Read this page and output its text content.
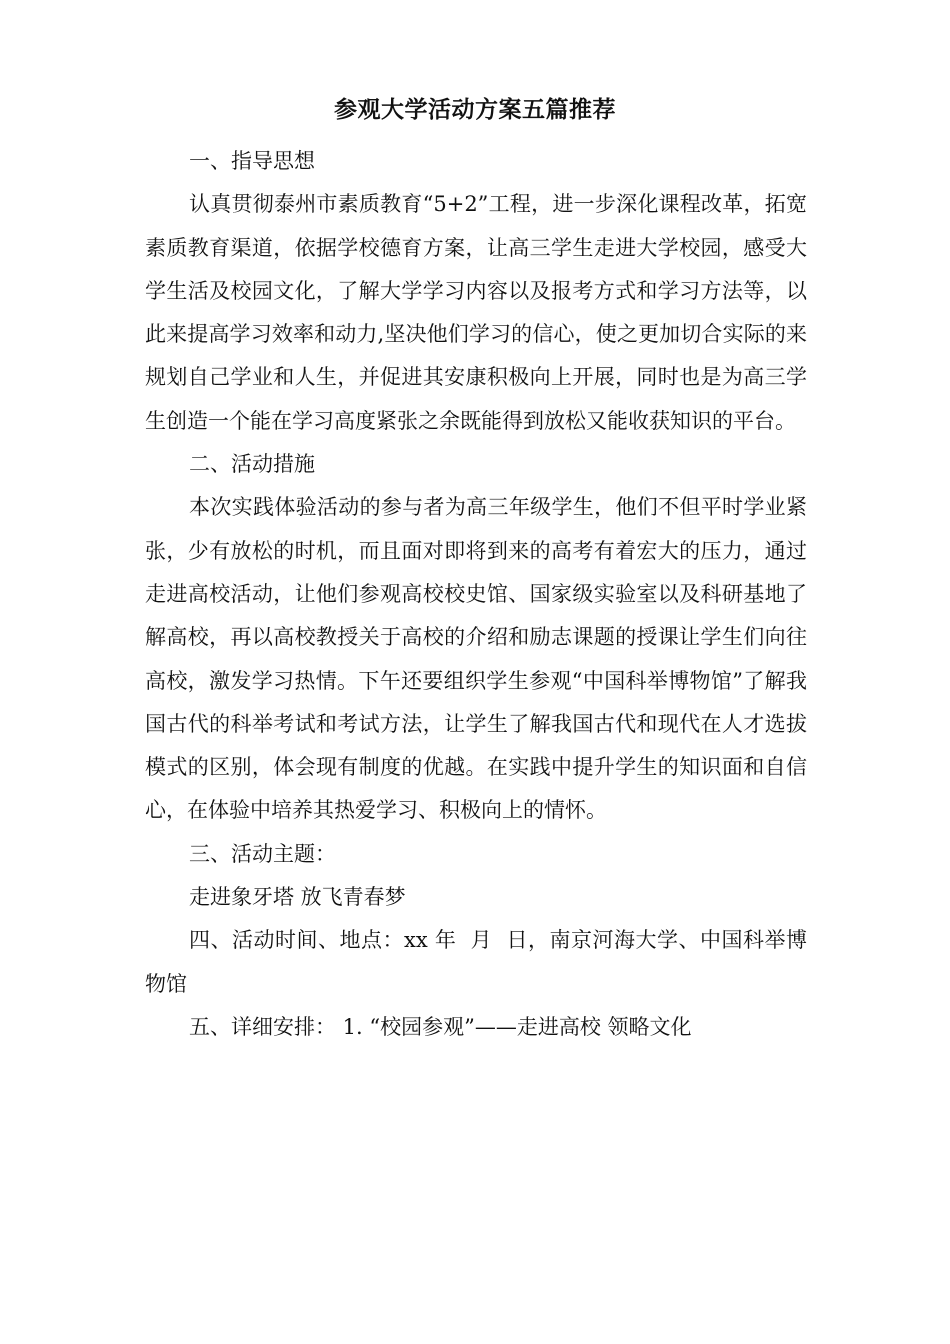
参观大学活动方案五篇推荐

一、指导思想

认真贯彻泰州市素质教育“5+2”工程，进一步深化课程改革，拓宽素质教育渠道，依据学校德育方案，让高三学生走进大学校园，感受大学生活及校园文化，了解大学学习内容以及报考方式和学习方法等，以此来提高学习效率和动力,坚决他们学习的信心，使之更加切合实际的来规划自己学业和人生，并促进其安康积极向上开展，同时也是为高三学生创造一个能在学习高度紧张之余既能得到放松又能收获知识的平台。

二、活动措施

本次实践体验活动的参与者为高三年级学生，他们不但平时学业紧张，少有放松的时机，而且面对即将到来的高考有着宏大的压力，通过走进高校活动，让他们参观高校校史馆、国家级实验室以及科研基地了解高校，再以高校教授关于高校的介绍和励志课题的授课让学生们向往高校，激发学习热情。下午还要组织学生参观“中国科举博物馆”了解我国古代的科举考试和考试方法，让学生了解我国古代和现代在人才选拔模式的区别，体会现有制度的优越。在实践中提升学生的知识面和自信心，在体验中培养其热爱学习、积极向上的情怀。

三、活动主题：

走进象牙塔 放飞青春梦

四、活动时间、地点：xx 年  月  日，南京河海大学、中国科举博物馆

五、详细安排： 1. “校园参观”——走进高校 领略文化
